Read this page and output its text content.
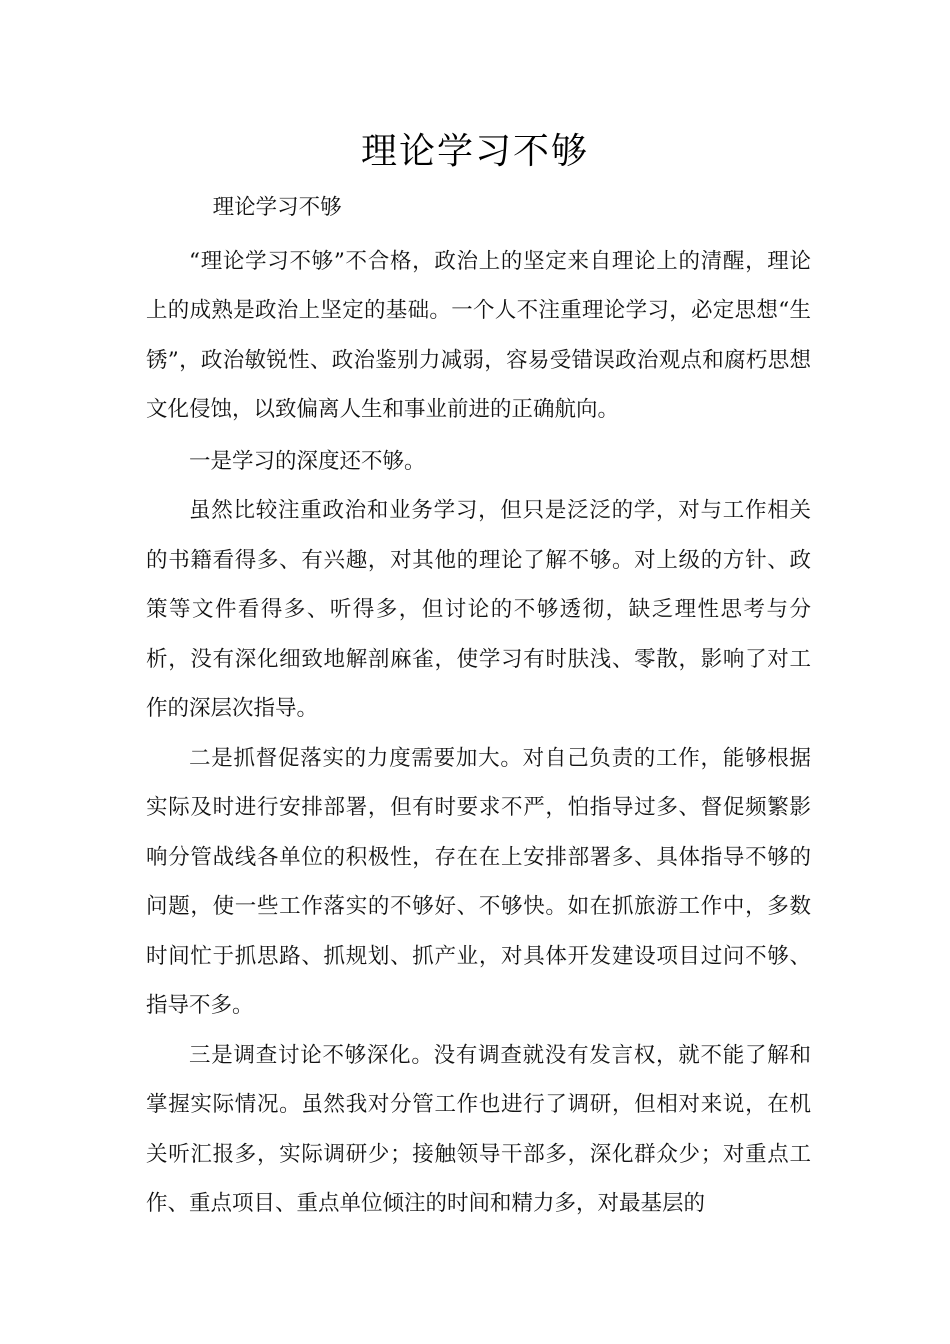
理论学习不够

理论学习不够

“理论学习不够”不合格，政治上的坚定来自理论上的清醒，理论上的成熟是政治上坚定的基础。一个人不注重理论学习，必定思想“生锈”，政治敏锐性、政治鉴别力减弱，容易受错误政治观点和腐朽思想文化侵蚀，以致偏离人生和事业前进的正确航向。

一是学习的深度还不够。

虽然比较注重政治和业务学习，但只是泛泛的学，对与工作相关的书籍看得多、有兴趣，对其他的理论了解不够。对上级的方针、政策等文件看得多、听得多，但讨论的不够透彻，缺乏理性思考与分析，没有深化细致地解剖麻雀，使学习有时肤浅、零散，影响了对工作的深层次指导。

二是抓督促落实的力度需要加大。对自己负责的工作，能够根据实际及时进行安排部署，但有时要求不严，怕指导过多、督促频繁影响分管战线各单位的积极性，存在在上安排部署多、具体指导不够的问题，使一些工作落实的不够好、不够快。如在抓旅游工作中，多数时间忙于抓思路、抓规划、抓产业，对具体开发建设项目过问不够、指导不多。

三是调查讨论不够深化。没有调查就没有发言权，就不能了解和掌握实际情况。虽然我对分管工作也进行了调研，但相对来说，在机关听汇报多，实际调研少；接触领导干部多，深化群众少；对重点工作、重点项目、重点单位倾注的时间和精力多，对最基层的
